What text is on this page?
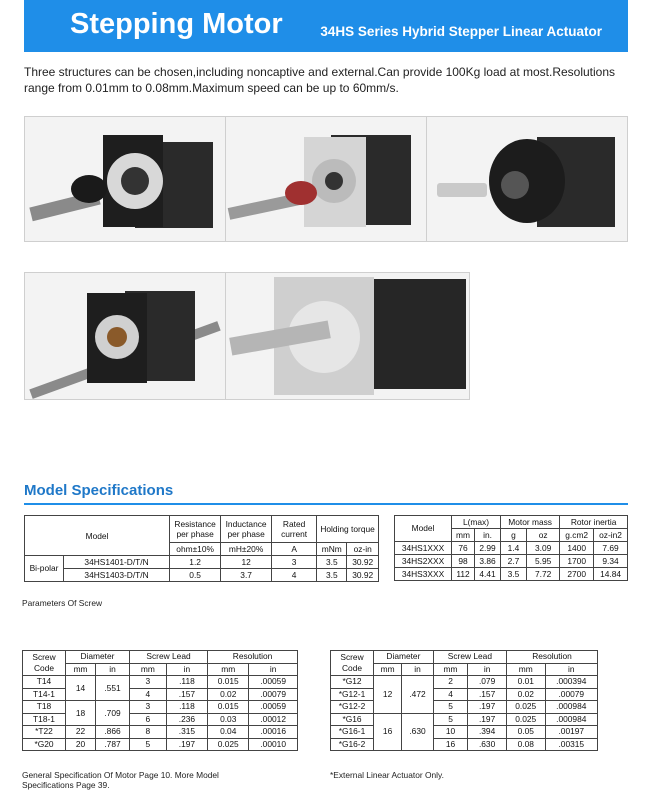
Stepping Motor	34HS Series Hybrid Stepper Linear Actuator
Three structures can be chosen,including noncaptive and external.Can provide 100Kg load at most.Resolutions range from 0.01mm to 0.08mm.Maximum speed can be up to 60mm/s.
Model Specifications
Model		Resistance per phase	Inductance per phase	Rated current	Holding torque	
		ohm±10%	mH±20%	A	mNm	oz-in
Bi-polar	34HS1401-D/T/N	1.2	12	3	3.5	30.92
	34HS1403-D/T/N	0.5	3.7	4	3.5	30.92
Model	L(max)		Motor mass		Rotor inertia	
	mm	in.	g	oz	g.cm2	oz-in2
34HS1XXX	76	2.99	1.4	3.09	1400	7.69
34HS2XXX	98	3.86	2.7	5.95	1700	9.34
34HS3XXX	112	4.41	3.5	7.72	2700	14.84
Parameters Of Screw
Screw Code	Diameter		Screw Lead		Resolution	
	mm	in	mm	in	mm	in
T14	14	.551	3	.118	0.015	.00059
T14-1			4	.157	0.02	.00079
T18	18	.709	3	.118	0.015	.00059
T18-1			6	.236	0.03	.00012
*T22	22	.866	8	.315	0.04	.00016
*G20	20	.787	5	.197	0.025	.00010
Screw Code	Diameter		Screw Lead		Resolution	
	mm	in	mm	in	mm	in
*G12	12	.472	2	.079	0.01	.000394
*G12-1			4	.157	0.02	.00079
*G12-2			5	.197	0.025	.000984
*G16	16	.630	5	.197	0.025	.000984
*G16-1			10	.394	0.05	.00197
*G16-2			16	.630	0.08	.00315
General Specification Of Motor Page 10. More Model Specifications Page 39.
*External Linear Actuator Only.
